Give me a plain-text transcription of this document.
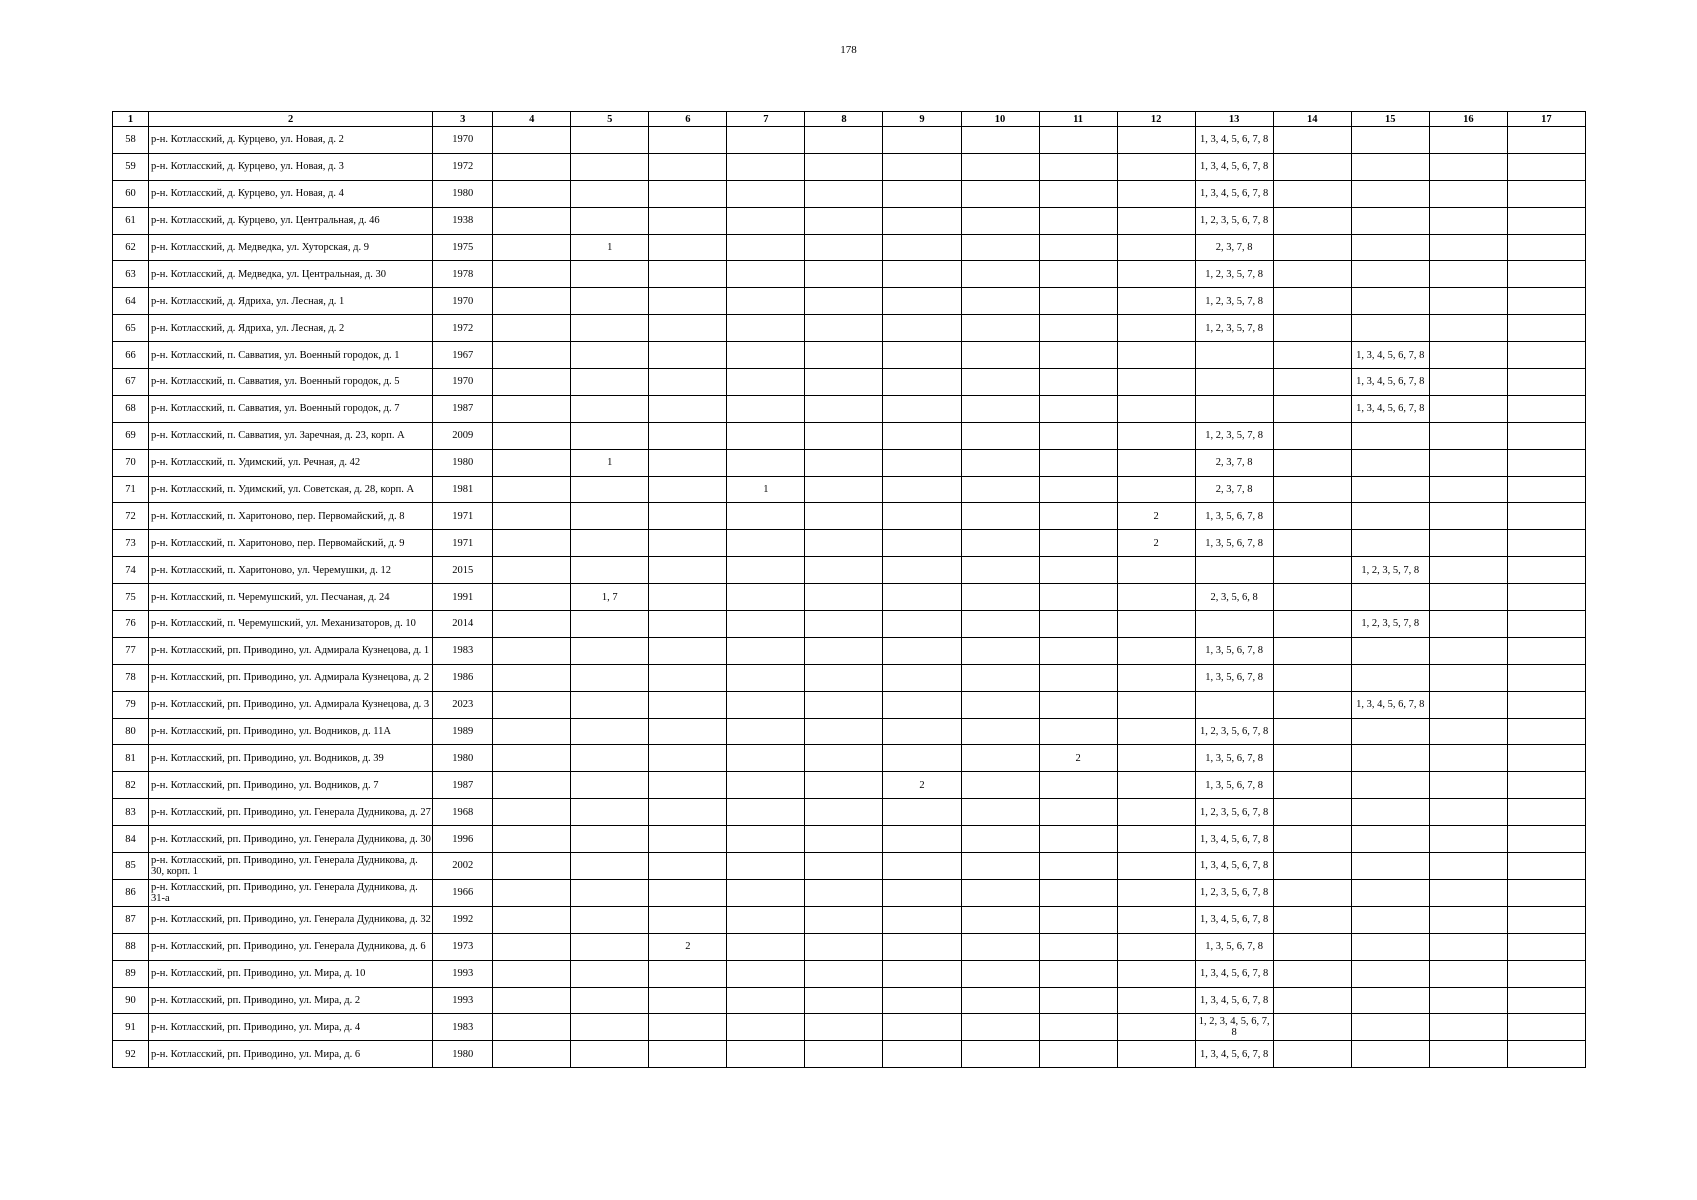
178
1	2	3	4	5	6	7	8	9	10	11	12	13	14	15	16	17
58	р-н. Котласский, д. Курцево, ул. Новая, д. 2	1970										1, 3, 4, 5, 6, 7, 8				
59	р-н. Котласский, д. Курцево, ул. Новая, д. 3	1972										1, 3, 4, 5, 6, 7, 8				
60	р-н. Котласский, д. Курцево, ул. Новая, д. 4	1980										1, 3, 4, 5, 6, 7, 8				
61	р-н. Котласский, д. Курцево, ул. Центральная, д. 46	1938										1, 2, 3, 5, 6, 7, 8				
62	р-н. Котласский, д. Медведка, ул. Хуторская, д. 9	1975		1								2, 3, 7, 8				
63	р-н. Котласский, д. Медведка, ул. Центральная, д. 30	1978										1, 2, 3, 5, 7, 8				
64	р-н. Котласский, д. Ядриха, ул. Лесная, д. 1	1970										1, 2, 3, 5, 7, 8				
65	р-н. Котласский, д. Ядриха, ул. Лесная, д. 2	1972										1, 2, 3, 5, 7, 8				
66	р-н. Котласский, п. Савватия, ул. Военный городок, д. 1	1967												1, 3, 4, 5, 6, 7, 8		
67	р-н. Котласский, п. Савватия, ул. Военный городок, д. 5	1970												1, 3, 4, 5, 6, 7, 8		
68	р-н. Котласский, п. Савватия, ул. Военный городок, д. 7	1987												1, 3, 4, 5, 6, 7, 8		
69	р-н. Котласский, п. Савватия, ул. Заречная, д. 23, корп. А	2009										1, 2, 3, 5, 7, 8				
70	р-н. Котласский, п. Удимский, ул. Речная, д. 42	1980		1								2, 3, 7, 8				
71	р-н. Котласский, п. Удимский, ул. Советская, д. 28, корп. А	1981				1						2, 3, 7, 8				
72	р-н. Котласский, п. Харитоново, пер. Первомайский, д. 8	1971									2	1, 3, 5, 6, 7, 8				
73	р-н. Котласский, п. Харитоново, пер. Первомайский, д. 9	1971									2	1, 3, 5, 6, 7, 8				
74	р-н. Котласский, п. Харитоново, ул. Черемушки, д. 12	2015												1, 2, 3, 5, 7, 8		
75	р-н. Котласский, п. Черемушский, ул. Песчаная, д. 24	1991		1, 7								2, 3, 5, 6, 8				
76	р-н. Котласский, п. Черемушский, ул. Механизаторов, д. 10	2014												1, 2, 3, 5, 7, 8		
77	р-н. Котласский, рп. Приводино, ул. Адмирала Кузнецова, д. 1	1983										1, 3, 5, 6, 7, 8				
78	р-н. Котласский, рп. Приводино, ул. Адмирала Кузнецова, д. 2	1986										1, 3, 5, 6, 7, 8				
79	р-н. Котласский, рп. Приводино, ул. Адмирала Кузнецова, д. 3	2023												1, 3, 4, 5, 6, 7, 8		
80	р-н. Котласский, рп. Приводино, ул. Водников, д. 11А	1989										1, 2, 3, 5, 6, 7, 8				
81	р-н. Котласский, рп. Приводино, ул. Водников, д. 39	1980								2		1, 3, 5, 6, 7, 8				
82	р-н. Котласский, рп. Приводино, ул. Водников, д. 7	1987						2				1, 3, 5, 6, 7, 8				
83	р-н. Котласский, рп. Приводино, ул. Генерала Дудникова, д. 27	1968										1, 2, 3, 5, 6, 7, 8				
84	р-н. Котласский, рп. Приводино, ул. Генерала Дудникова, д. 30	1996										1, 3, 4, 5, 6, 7, 8				
85	р-н. Котласский, рп. Приводино, ул. Генерала Дудникова, д. 30, корп. 1	2002										1, 3, 4, 5, 6, 7, 8				
86	р-н. Котласский, рп. Приводино, ул. Генерала Дудникова, д. 31-а	1966										1, 2, 3, 5, 6, 7, 8				
87	р-н. Котласский, рп. Приводино, ул. Генерала Дудникова, д. 32	1992										1, 3, 4, 5, 6, 7, 8				
88	р-н. Котласский, рп. Приводино, ул. Генерала Дудникова, д. 6	1973			2							1, 3, 5, 6, 7, 8				
89	р-н. Котласский, рп. Приводино, ул. Мира, д. 10	1993										1, 3, 4, 5, 6, 7, 8				
90	р-н. Котласский, рп. Приводино, ул. Мира, д. 2	1993										1, 3, 4, 5, 6, 7, 8				
91	р-н. Котласский, рп. Приводино, ул. Мира, д. 4	1983										1, 2, 3, 4, 5, 6, 7, 8				
92	р-н. Котласский, рп. Приводино, ул. Мира, д. 6	1980										1, 3, 4, 5, 6, 7, 8				
